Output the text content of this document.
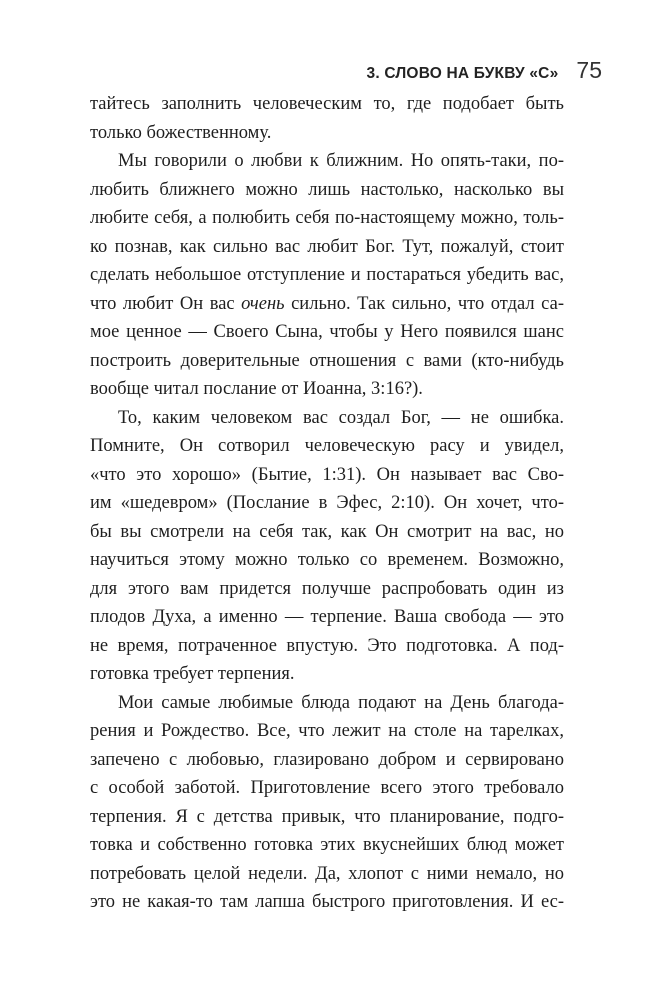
3. СЛОВО НА БУКВУ «С» 75
тайтесь заполнить человеческим то, где подобает быть
только божественному.
Мы говорили о любви к ближним. Но опять-таки, по-
любить ближнего можно лишь настолько, насколько вы
любите себя, а полюбить себя по-настоящему можно, толь-
ко познав, как сильно вас любит Бог. Тут, пожалуй, стоит
сделать небольшое отступление и постараться убедить вас,
что любит Он вас очень сильно. Так сильно, что отдал са-
мое ценное — Своего Сына, чтобы у Него появился шанс
построить доверительные отношения с вами (кто-нибудь
вообще читал послание от Иоанна, 3:16?).
То, каким человеком вас создал Бог, — не ошибка.
Помните, Он сотворил человеческую расу и увидел,
«что это хорошо» (Бытие, 1:31). Он называет вас Сво-
им «шедевром» (Послание в Эфес, 2:10). Он хочет, что-
бы вы смотрели на себя так, как Он смотрит на вас, но
научиться этому можно только со временем. Возможно,
для этого вам придется получше распробовать один из
плодов Духа, а именно — терпение. Ваша свобода — это
не время, потраченное впустую. Это подготовка. А под-
готовка требует терпения.
Мои самые любимые блюда подают на День благода-
рения и Рождество. Все, что лежит на столе на тарелках,
запечено с любовью, глазировано добром и сервировано
с особой заботой. Приготовление всего этого требовало
терпения. Я с детства привык, что планирование, подго-
товка и собственно готовка этих вкуснейших блюд может
потребовать целой недели. Да, хлопот с ними немало, но
это не какая-то там лапша быстрого приготовления. И ес-
